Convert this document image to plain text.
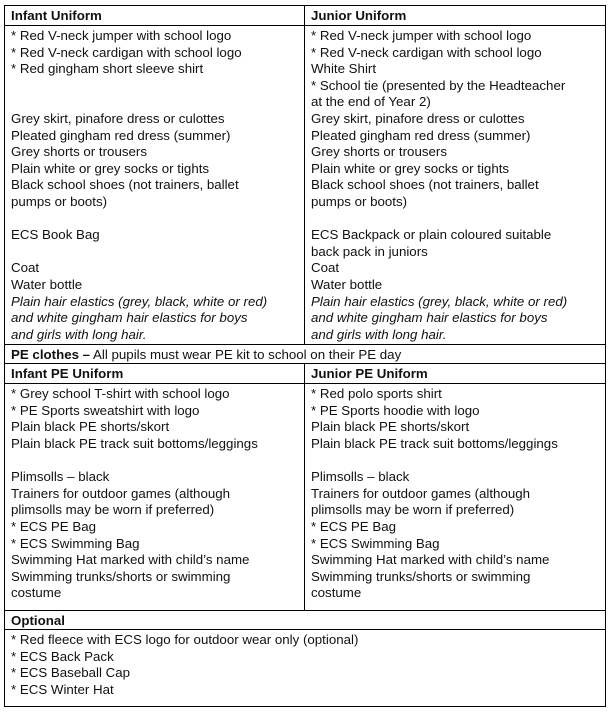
Infant Uniform	Junior Uniform
* Red V-neck jumper with school logo
* Red V-neck cardigan with school logo
* Red gingham short sleeve shirt

Grey skirt, pinafore dress or culottes
Pleated gingham red dress (summer)
Grey shorts or trousers
Plain white or grey socks or tights
Black school shoes (not trainers, ballet
pumps or boots)

ECS Book Bag

Coat
Water bottle
Plain hair elastics (grey, black, white or red)
and white gingham hair elastics for boys
and girls with long hair.
* Red V-neck jumper with school logo
* Red V-neck cardigan with school logo
White Shirt
* School tie (presented by the Headteacher
at the end of Year 2)
Grey skirt, pinafore dress or culottes
Pleated gingham red dress (summer)
Grey shorts or trousers
Plain white or grey socks or tights
Black school shoes (not trainers, ballet
pumps or boots)

ECS Backpack or plain coloured suitable
back pack in juniors
Coat
Water bottle
Plain hair elastics (grey, black, white or red)
and white gingham hair elastics for boys
and girls with long hair.
PE clothes – All pupils must wear PE kit to school on their PE day
Infant PE Uniform	Junior PE Uniform
* Grey school T-shirt with school logo
* PE Sports sweatshirt with logo
Plain black PE shorts/skort
Plain black PE track suit bottoms/leggings

Plimsolls – black
Trainers for outdoor games (although
plimsolls may be worn if preferred)
* ECS PE Bag
* ECS Swimming Bag
Swimming Hat marked with child’s name
Swimming trunks/shorts or swimming
costume
* Red polo sports shirt
* PE Sports hoodie with logo
Plain black PE shorts/skort
Plain black PE track suit bottoms/leggings

Plimsolls – black
Trainers for outdoor games (although
plimsolls may be worn if preferred)
* ECS PE Bag
* ECS Swimming Bag
Swimming Hat marked with child’s name
Swimming trunks/shorts or swimming
costume
Optional
* Red fleece with ECS logo for outdoor wear only (optional)
* ECS Back Pack
* ECS Baseball Cap
* ECS Winter Hat
